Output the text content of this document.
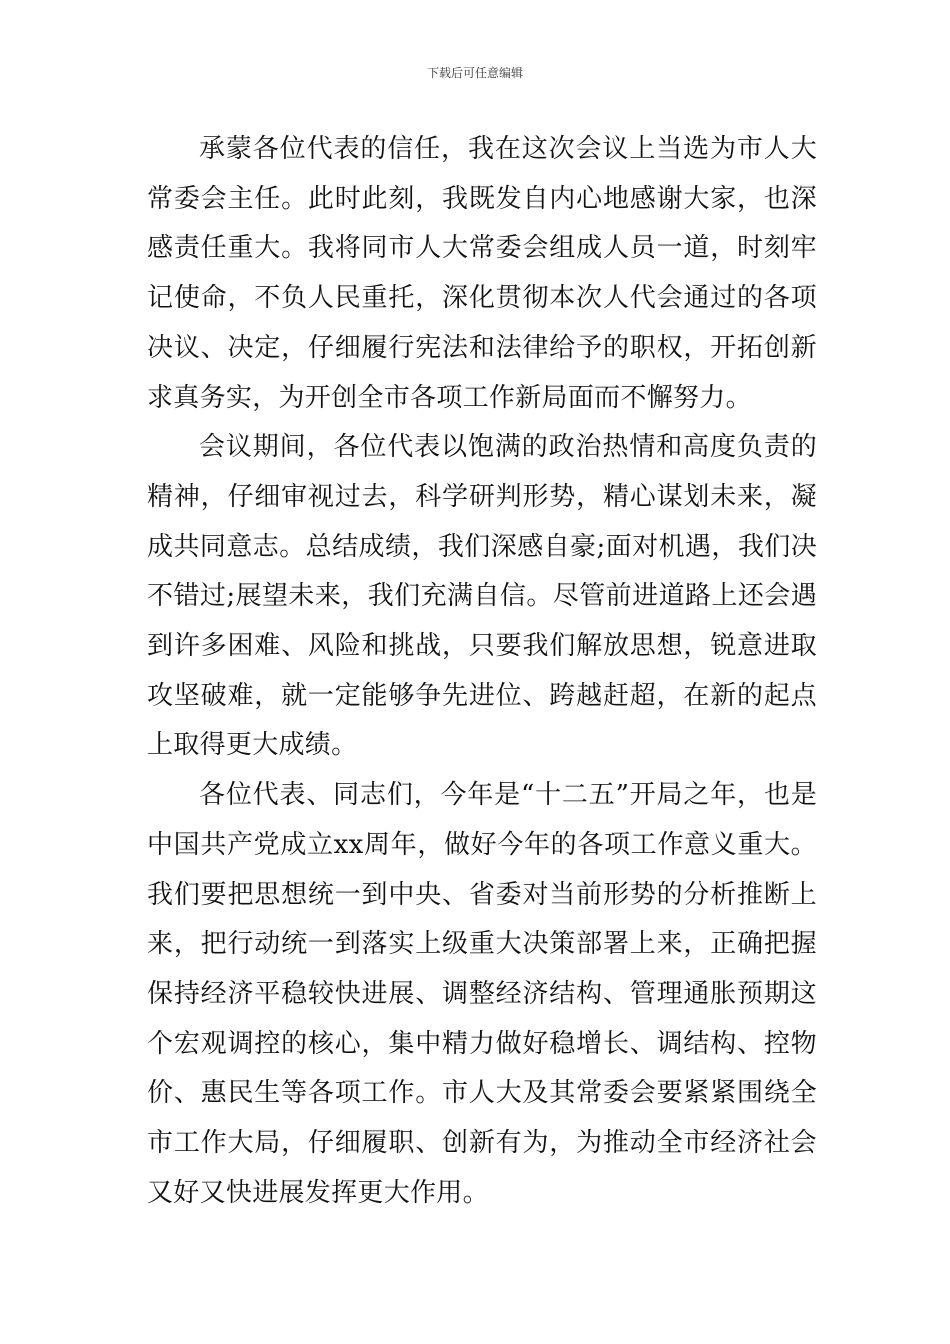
下载后可任意编辑

承蒙各位代表的信任，我在这次会议上当选为市人大常委会主任。此时此刻，我既发自内心地感谢大家，也深感责任重大。我将同市人大常委会组成人员一道，时刻牢记使命，不负人民重托，深化贯彻本次人代会通过的各项决议、决定，仔细履行宪法和法律给予的职权，开拓创新求真务实，为开创全市各项工作新局面而不懈努力。

会议期间，各位代表以饱满的政治热情和高度负责的精神，仔细审视过去，科学研判形势，精心谋划未来，凝成共同意志。总结成绩，我们深感自豪;面对机遇，我们决不错过;展望未来，我们充满自信。尽管前进道路上还会遇到许多困难、风险和挑战，只要我们解放思想，锐意进取攻坚破难，就一定能够争先进位、跨越赶超，在新的起点上取得更大成绩。

各位代表、同志们，今年是“十二五”开局之年，也是中国共产党成立xx周年，做好今年的各项工作意义重大。我们要把思想统一到中央、省委对当前形势的分析推断上来，把行动统一到落实上级重大决策部署上来，正确把握保持经济平稳较快进展、调整经济结构、管理通胀预期这个宏观调控的核心，集中精力做好稳增长、调结构、控物价、惠民生等各项工作。市人大及其常委会要紧紧围绕全市工作大局，仔细履职、创新有为，为推动全市经济社会又好又快进展发挥更大作用。
